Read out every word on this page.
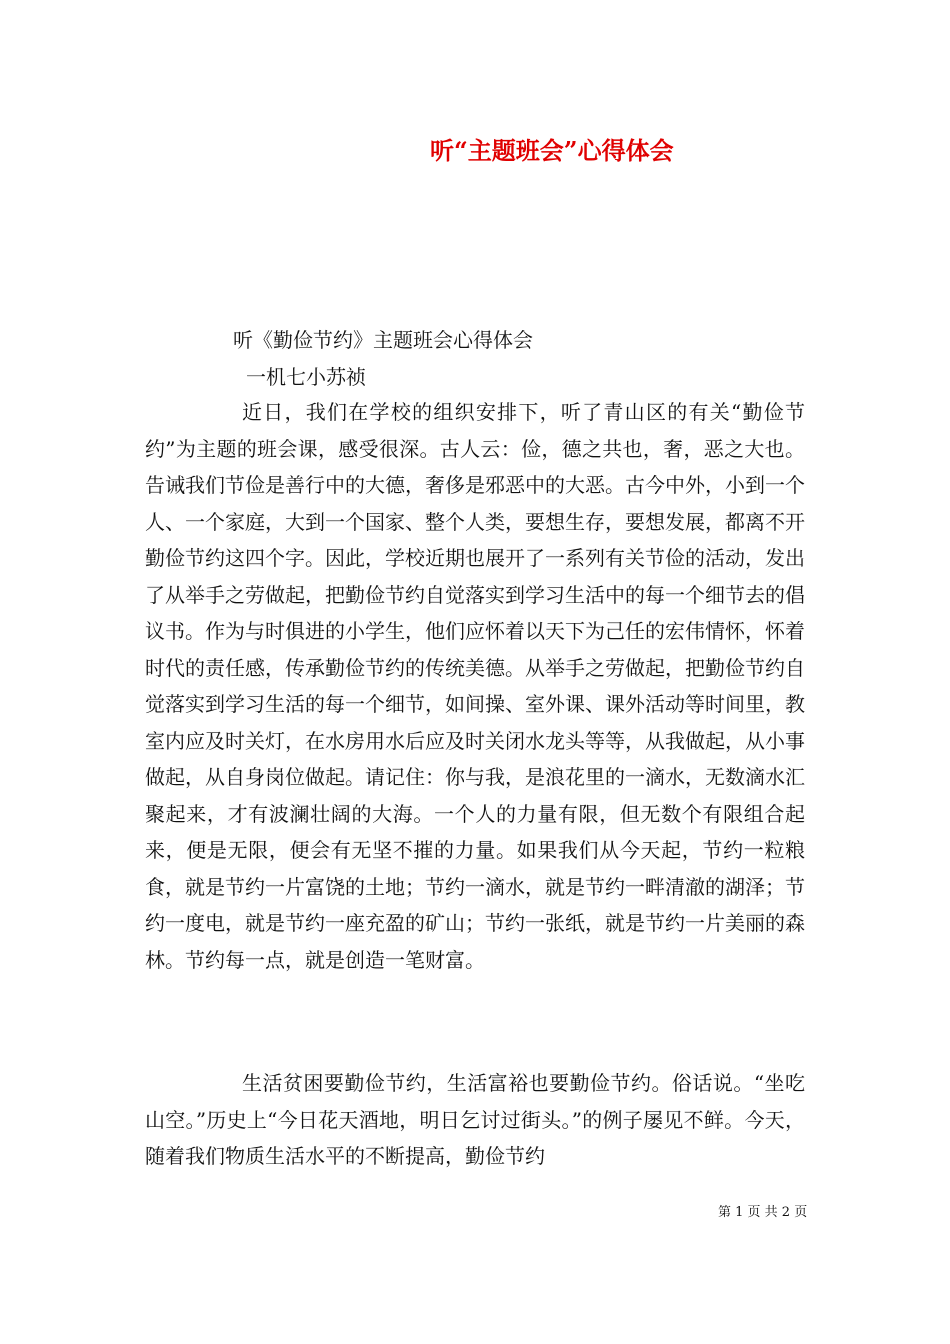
听“主题班会”心得体会
听《勤俭节约》主题班会心得体会
一机七小苏祯

近日，我们在学校的组织安排下，听了青山区的有关“勤俭节约”为主题的班会课，感受很深。古人云：俭，德之共也，奢，恶之大也。告诫我们节俭是善行中的大德，奢侈是邪恶中的大恶。古今中外，小到一个人、一个家庭，大到一个国家、整个人类，要想生存，要想发展，都离不开勤俭节约这四个字。因此，学校近期也展开了一系列有关节俭的活动，发出了从举手之劳做起，把勤俭节约自觉落实到学习生活中的每一个细节去的倡议书。作为与时俱进的小学生，他们应怀着以天下为己任的宏伟情怀，怀着时代的责任感，传承勤俭节约的传统美德。从举手之劳做起，把勤俭节约自觉落实到学习生活的每一个细节，如间操、室外课、课外活动等时间里，教室内应及时关灯，在水房用水后应及时关闭水龙头等等，从我做起，从小事做起，从自身岗位做起。请记住：你与我，是浪花里的一滴水，无数滴水汇聚起来，才有波澜壮阔的大海。一个人的力量有限，但无数个有限组合起来，便是无限，便会有无坚不摧的力量。如果我们从今天起，节约一粒粮食，就是节约一片富饶的土地；节约一滴水，就是节约一畔清澈的湖泽；节约一度电，就是节约一座充盈的矿山；节约一张纸，就是节约一片美丽的森林。节约每一点，就是创造一笔财富。

生活贫困要勤俭节约，生活富裕也要勤俭节约。俗话说。“坐吃山空。”历史上“今日花天酒地，明日乞讨过街头。”的例子屡见不鲜。今天，随着我们物质生活水平的不断提高，勤俭节约

第 1 页 共 2 页
